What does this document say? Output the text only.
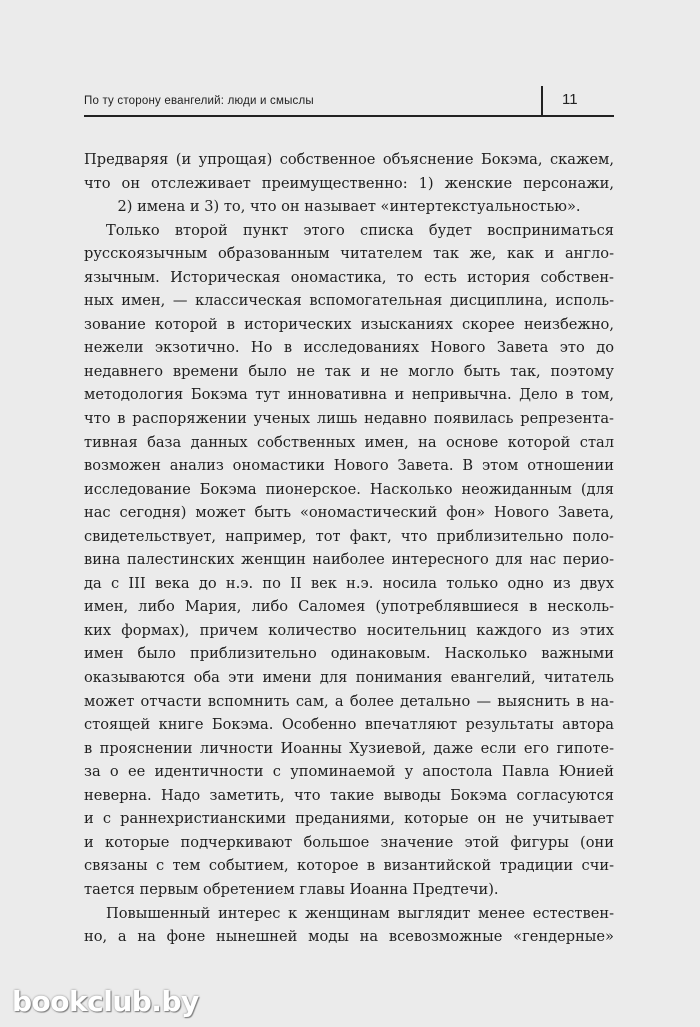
По ту сторону евангелий: люди и смыслы	11
Предваряя (и упрощая) собственное объяснение Бокэма, скажем,
что он отслеживает преимущественно: 1) женские персонажи,
2) имена и 3) то, что он называет «интертекстуальностью».
Только второй пункт этого списка будет восприниматься
русскоязычным образованным читателем так же, как и англо-
язычным. Историческая ономастика, то есть история собствен-
ных имен, — классическая вспомогательная дисциплина, исполь-
зование которой в исторических изысканиях скорее неизбежно,
нежели экзотично. Но в исследованиях Нового Завета это до
недавнего времени было не так и не могло быть так, поэтому
методология Бокэма тут инновативна и непривычна. Дело в том,
что в распоряжении ученых лишь недавно появилась репрезента-
тивная база данных собственных имен, на основе которой стал
возможен анализ ономастики Нового Завета. В этом отношении
исследование Бокэма пионерское. Насколько неожиданным (для
нас сегодня) может быть «ономастический фон» Нового Завета,
свидетельствует, например, тот факт, что приблизительно поло-
вина палестинских женщин наиболее интересного для нас перио-
да с III века до н.э. по II век н.э. носила только одно из двух
имен, либо Мария, либо Саломея (употреблявшиеся в несколь-
ких формах), причем количество носительниц каждого из этих
имен было приблизительно одинаковым. Насколько важными
оказываются оба эти имени для понимания евангелий, читатель
может отчасти вспомнить сам, а более детально — выяснить в на-
стоящей книге Бокэма. Особенно впечатляют результаты автора
в прояснении личности Иоанны Хузиевой, даже если его гипоте-
за о ее идентичности с упоминаемой у апостола Павла Юнией
неверна. Надо заметить, что такие выводы Бокэма согласуются
и с раннехристианскими преданиями, которые он не учитывает
и которые подчеркивают большое значение этой фигуры (они
связаны с тем событием, которое в византийской традиции счи-
тается первым обретением главы Иоанна Предтечи).
Повышенный интерес к женщинам выглядит менее естествен-
но, а на фоне нынешней моды на всевозможные «гендерные»
bookclub.by
